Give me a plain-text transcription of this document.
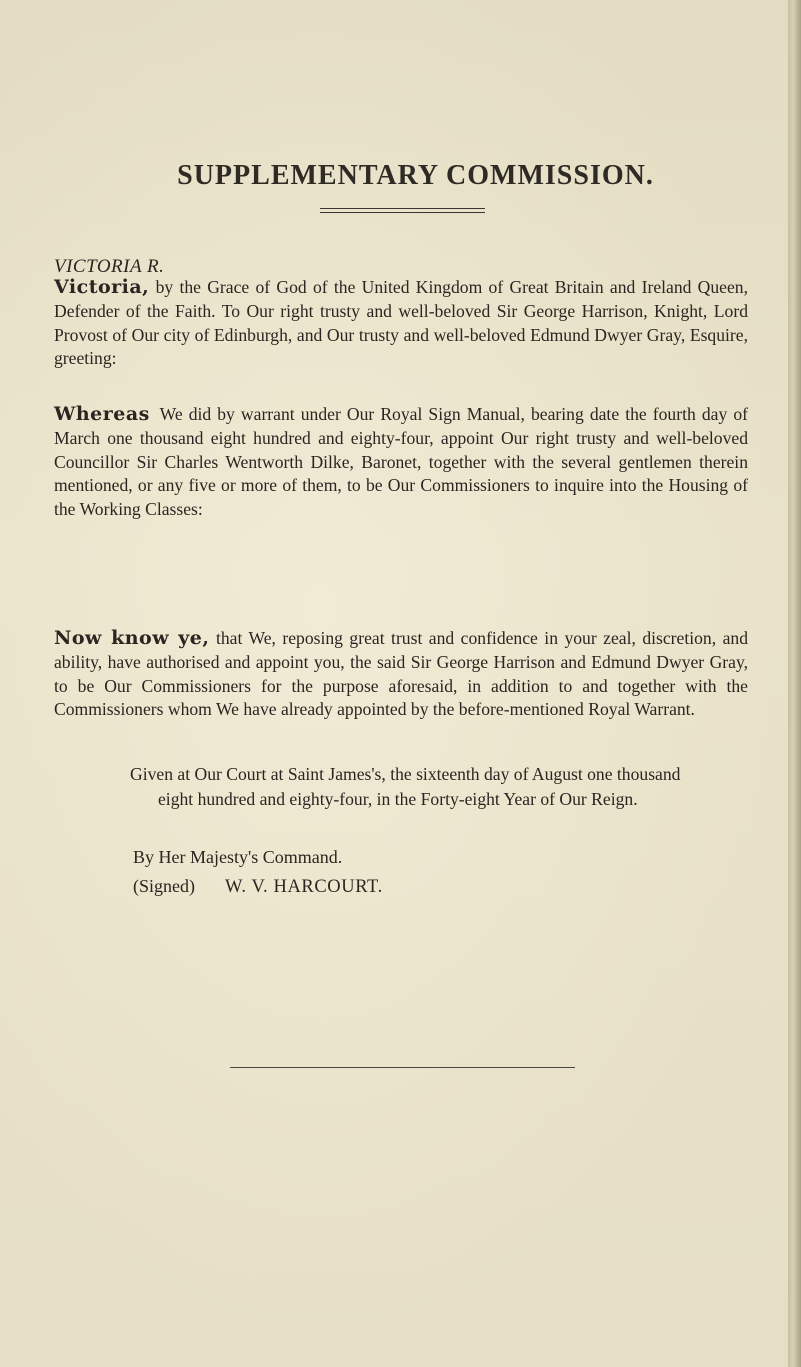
SUPPLEMENTARY COMMISSION.

VICTORIA R.

Victoria, by the Grace of God of the United Kingdom of Great Britain and Ireland Queen, Defender of the Faith. To Our right trusty and well-beloved Sir George Harrison, Knight, Lord Provost of Our city of Edinburgh, and Our trusty and well-beloved Edmund Dwyer Gray, Esquire, greeting:

Whereas We did by warrant under Our Royal Sign Manual, bearing date the fourth day of March one thousand eight hundred and eighty-four, appoint Our right trusty and well-beloved Councillor Sir Charles Wentworth Dilke, Baronet, together with the several gentlemen therein mentioned, or any five or more of them, to be Our Commissioners to inquire into the Housing of the Working Classes:

Now know ye, that We, reposing great trust and confidence in your zeal, discretion, and ability, have authorised and appoint you, the said Sir George Harrison and Edmund Dwyer Gray, to be Our Commissioners for the purpose aforesaid, in addition to and together with the Commissioners whom We have already appointed by the before-mentioned Royal Warrant.

Given at Our Court at Saint James's, the sixteenth day of August one thousand eight hundred and eighty-four, in the Forty-eight Year of Our Reign.

By Her Majesty's Command.

(Signed) W. V. HARCOURT.
